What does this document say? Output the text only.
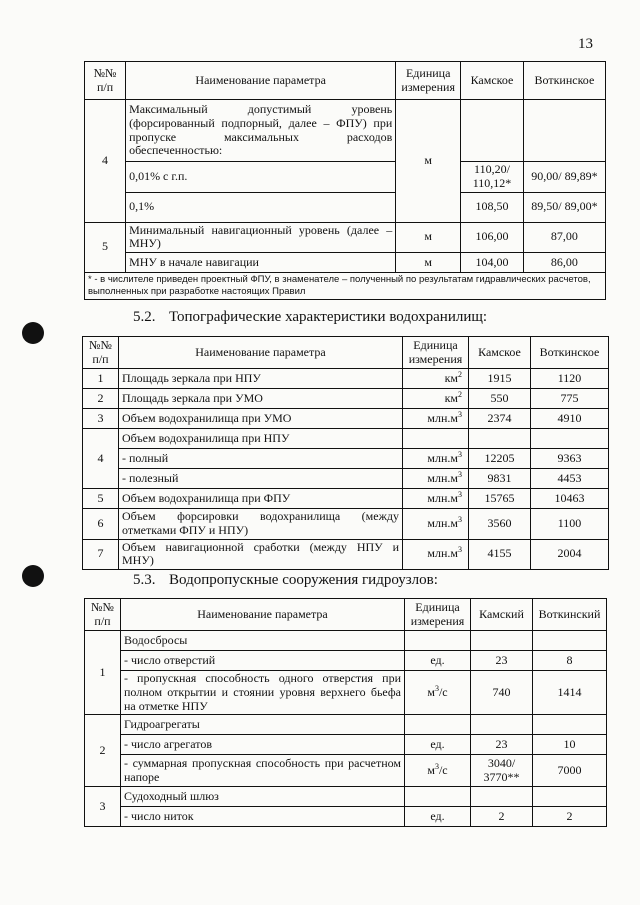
13
№№ п/п	Наименование параметра	Единица измерения	Камское	Воткинское
4	Максимальный допустимый уровень (форсированный подпорный, далее – ФПУ) при пропуске максимальных расходов обеспеченностью:	м		
	0,01% с г.п.		110,20/ 110,12*	90,00/ 89,89*
	0,1%		108,50	89,50/ 89,00*
5	Минимальный навигационный уровень (далее – МНУ)	м	106,00	87,00
	МНУ в начале навигации	м	104,00	86,00
* - в числителе приведен проектный ФПУ, в знаменателе – полученный по результатам гидравлических расчетов, выполненных при разработке настоящих Правил				
5.2. Топографические характеристики водохранилищ:
№№ п/п	Наименование параметра	Единица измерения	Камское	Воткинское
1	Площадь зеркала при НПУ	$км^2$	1915	1120
2	Площадь зеркала при УМО	$км^2$	550	775
3	Объем водохранилища при УМО	$млн.м^3$	2374	4910
4	Объем водохранилища при НПУ			
	- полный	$млн.м^3$	12205	9363
	- полезный	$млн.м^3$	9831	4453
5	Объем водохранилища при ФПУ	$млн.м^3$	15765	10463
6	Объем форсировки водохранилища (между отметками ФПУ и НПУ)	$млн.м^3$	3560	1100
7	Объем навигационной сработки (между НПУ и МНУ)	$млн.м^3$	4155	2004
5.3. Водопропускные сооружения гидроузлов:
№№ п/п	Наименование параметра	Единица измерения	Камский	Воткинский
1	Водосбросы			
	- число отверстий	ед.	23	8
	- пропускная способность одного отверстия при полном открытии и стоянии уровня верхнего бьефа на отметке НПУ	$м^3/с$	740	1414
2	Гидроагрегаты			
	- число агрегатов	ед.	23	10
	- суммарная пропускная способность при расчетном напоре	$м^3/с$	3040/ 3770**	7000
3	Судоходный шлюз			
	- число ниток	ед.	2	2
